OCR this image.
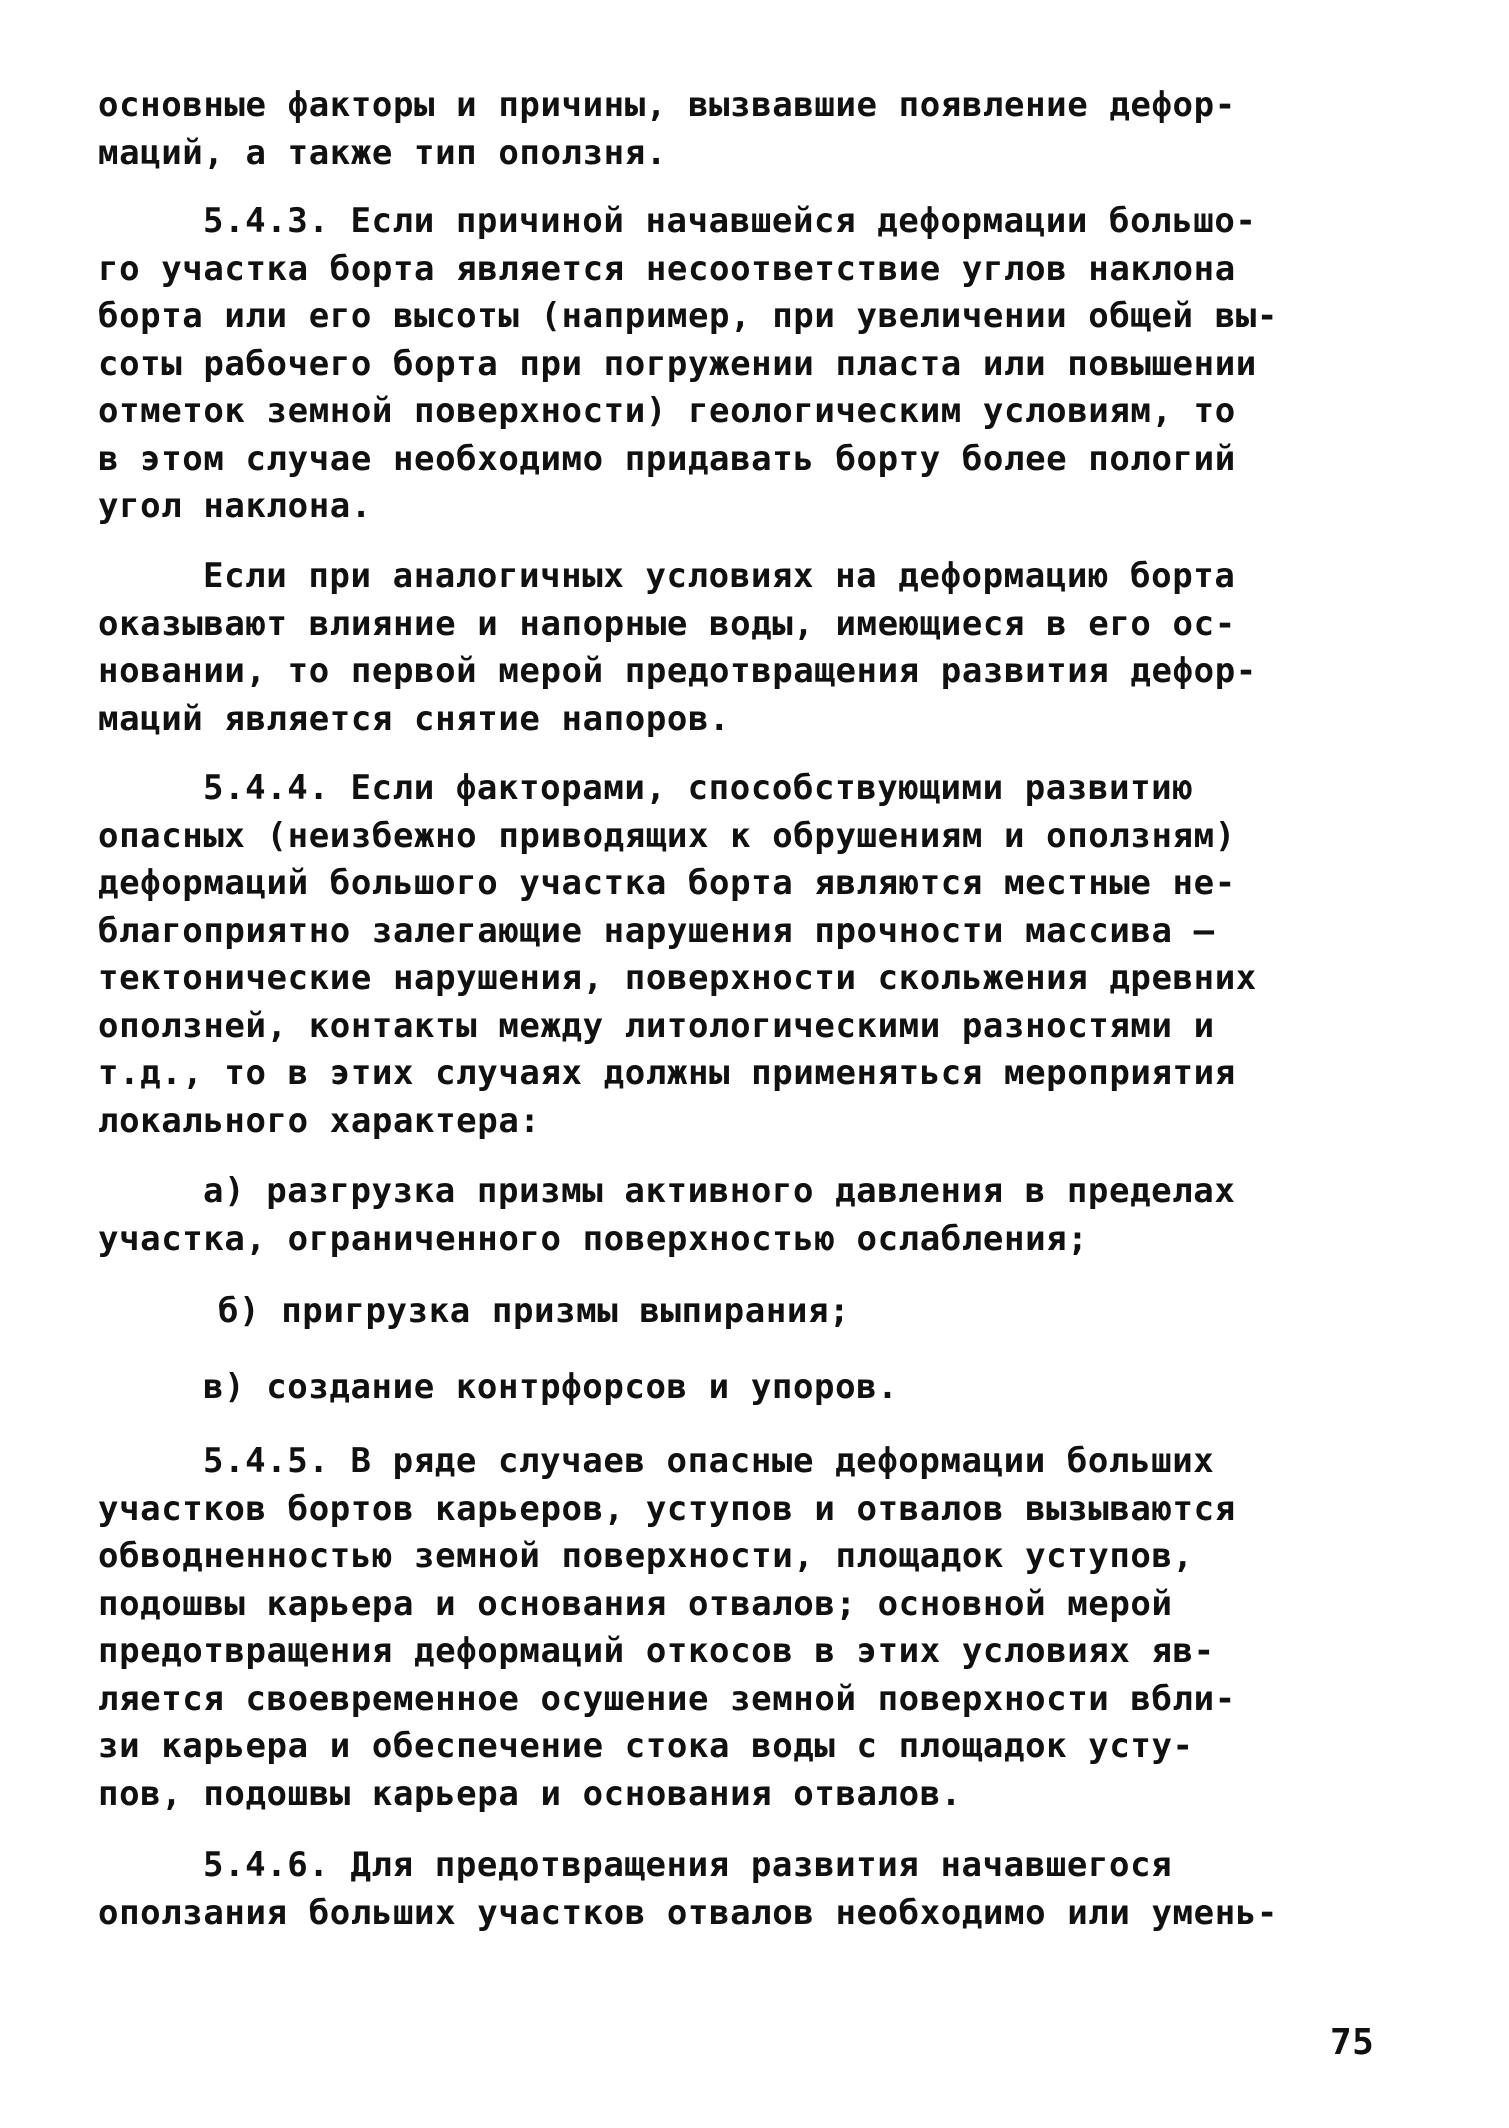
основные факторы и причины, вызвавшие появление дефор-
маций, а также тип оползня.
5.4.3. Если причиной начавшейся деформации большо-
го участка борта является несоответствие углов наклона
борта или его высоты (например, при увеличении общей вы-
соты рабочего борта при погружении пласта или повышении
отметок земной поверхности) геологическим условиям, то
в этом случае необходимо придавать борту более пологий
угол наклона.
Если при аналогичных условиях на деформацию борта
оказывают влияние и напорные воды, имеющиеся в его ос-
новании, то первой мерой предотвращения развития дефор-
маций является снятие напоров.
5.4.4. Если факторами, способствующими развитию
опасных (неизбежно приводящих к обрушениям и оползням)
деформаций большого участка борта являются местные не-
благоприятно залегающие нарушения прочности массива –
тектонические нарушения, поверхности скольжения древних
оползней, контакты между литологическими разностями и
т.д., то в этих случаях должны применяться мероприятия
локального характера:
а) разгрузка призмы активного давления в пределах
участка, ограниченного поверхностью ослабления;
б) пригрузка призмы выпирания;
в) создание контрфорсов и упоров.
5.4.5. В ряде случаев опасные деформации больших
участков бортов карьеров, уступов и отвалов вызываются
обводненностью земной поверхности, площадок уступов,
подошвы карьера и основания отвалов; основной мерой
предотвращения деформаций откосов в этих условиях яв-
ляется своевременное осушение земной поверхности вбли-
зи карьера и обеспечение стока воды с площадок усту-
пов, подошвы карьера и основания отвалов.
5.4.6. Для предотвращения развития начавшегося
оползания больших участков отвалов необходимо или умень-
75
